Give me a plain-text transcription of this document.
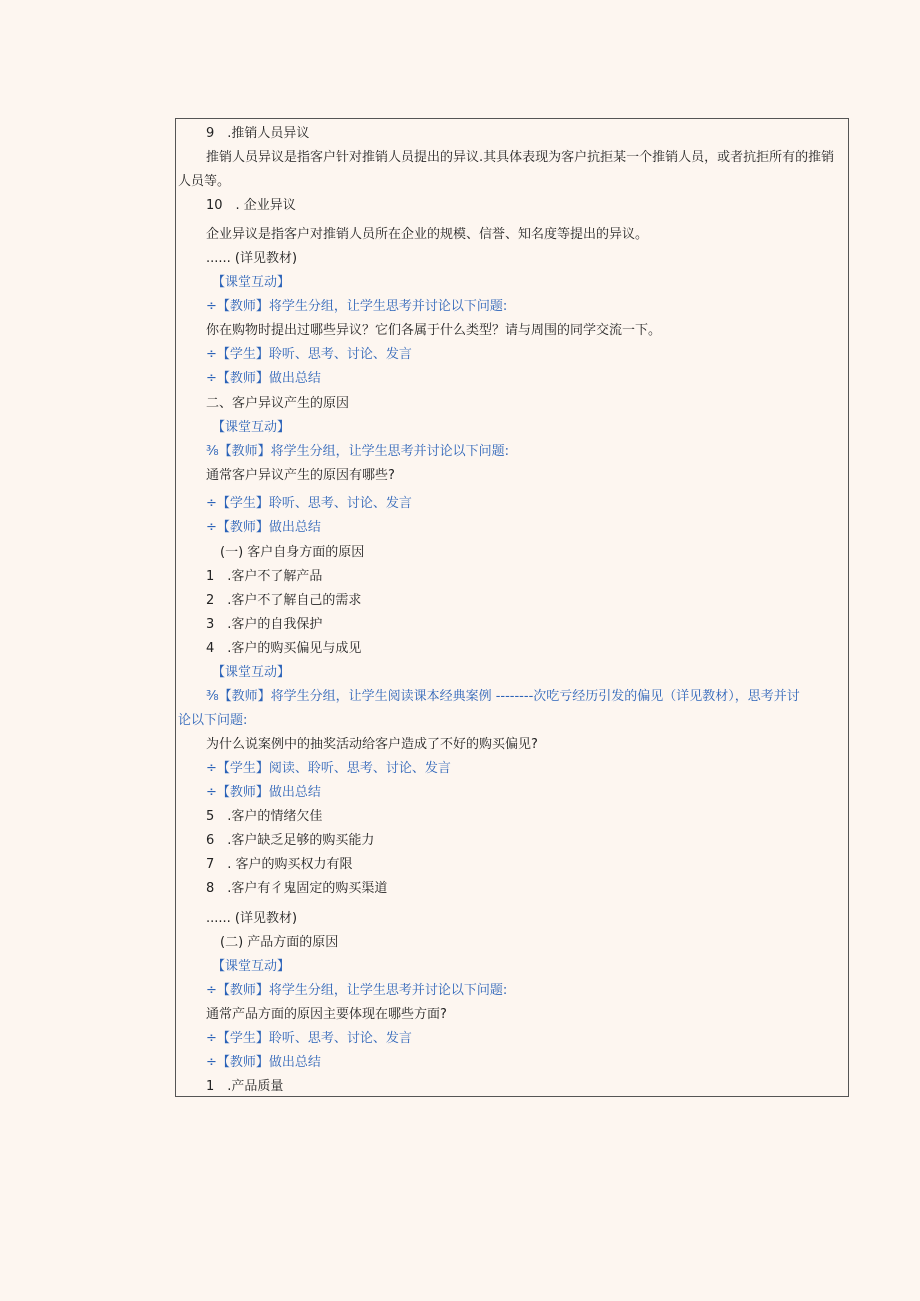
9　.推销人员异议
推销人员异议是指客户针对推销人员提出的异议.其具体表现为客户抗拒某一个推销人员，或者抗拒所有的推销
人员等。
10　. 企业异议
企业异议是指客户对推销人员所在企业的规模、信誉、知名度等提出的异议。
...... (详见教材)
【课堂互动】
÷【教师】将学生分组，让学生思考并讨论以下问题:
你在购物时提出过哪些异议？它们各属于什么类型？请与周围的同学交流一下。
÷【学生】聆听、思考、讨论、发言
÷【教师】做出总结
二、客户异议产生的原因
【课堂互动】
⅜【教师】将学生分组，让学生思考并讨论以下问题:
通常客户异议产生的原因有哪些?
÷【学生】聆听、思考、讨论、发言
÷【教师】做出总结
(一) 客户自身方面的原因
1　.客户不了解产品
2　.客户不了解自己的需求
3　.客户的自我保护
4　.客户的购买偏见与成见
【课堂互动】
⅜【教师】将学生分组，让学生阅读课本经典案例 --------次吃亏经历引发的偏见（详见教材），思考并讨
论以下问题:
为什么说案例中的抽奖活动给客户造成了不好的购买偏见?
÷【学生】阅读、聆听、思考、讨论、发言
÷【教师】做出总结
5　.客户的情绪欠佳
6　.客户缺乏足够的购买能力
7　. 客户的购买权力有限
8　.客户有彳鬼固定的购买渠道
...... (详见教材)
(二) 产品方面的原因
【课堂互动】
÷【教师】将学生分组，让学生思考并讨论以下问题:
通常产品方面的原因主要体现在哪些方面?
÷【学生】聆听、思考、讨论、发言
÷【教师】做出总结
1　.产品质量
